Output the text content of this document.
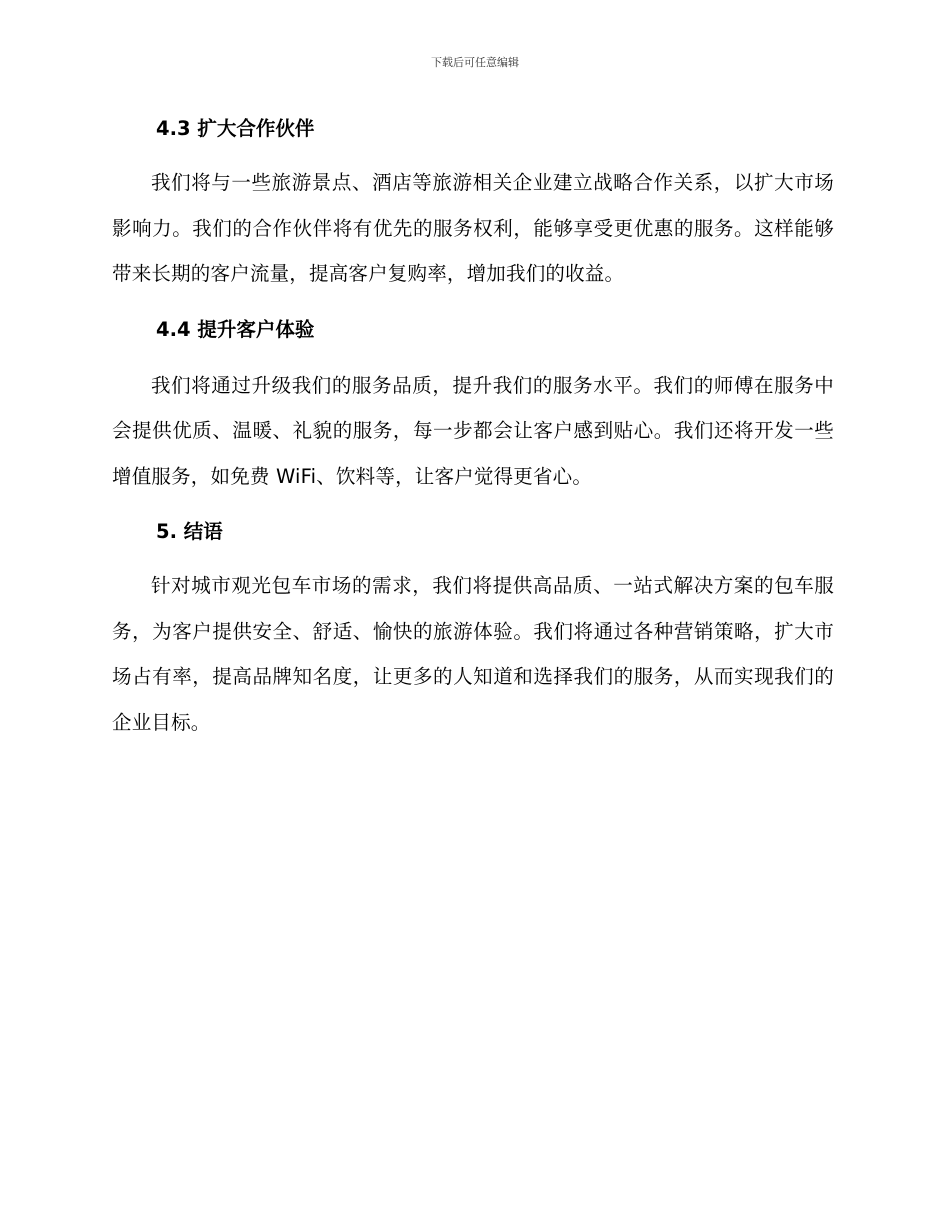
下载后可任意编辑
4.3 扩大合作伙伴

我们将与一些旅游景点、酒店等旅游相关企业建立战略合作关系，以扩大市场影响力。我们的合作伙伴将有优先的服务权利，能够享受更优惠的服务。这样能够带来长期的客户流量，提高客户复购率，增加我们的收益。

4.4 提升客户体验

我们将通过升级我们的服务品质，提升我们的服务水平。我们的师傅在服务中会提供优质、温暖、礼貌的服务，每一步都会让客户感到贴心。我们还将开发一些增值服务，如免费 WiFi、饮料等，让客户觉得更省心。

5. 结语

针对城市观光包车市场的需求，我们将提供高品质、一站式解决方案的包车服务，为客户提供安全、舒适、愉快的旅游体验。我们将通过各种营销策略，扩大市场占有率，提高品牌知名度，让更多的人知道和选择我们的服务，从而实现我们的企业目标。
